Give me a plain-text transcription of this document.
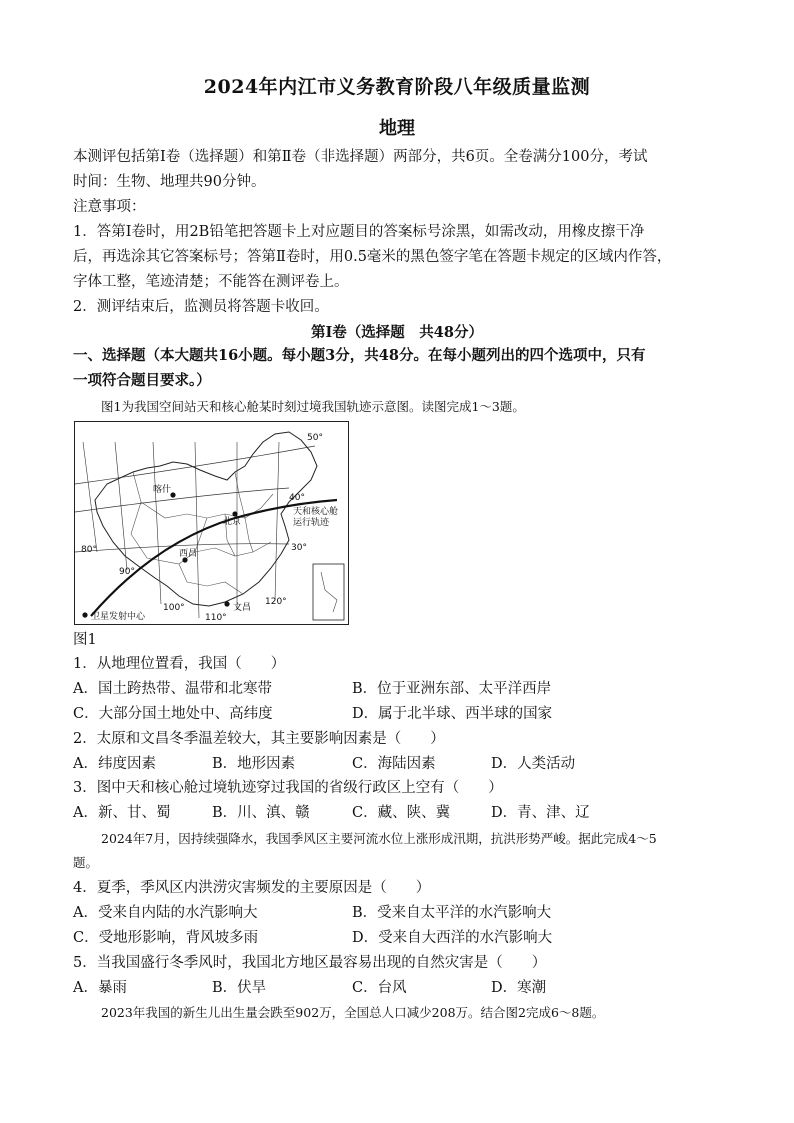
2024年内江市义务教育阶段八年级质量监测
地理
本测评包括第Ⅰ卷（选择题）和第Ⅱ卷（非选择题）两部分，共6页。全卷满分100分，考试
时间：生物、地理共90分钟。
注意事项：
1．答第Ⅰ卷时，用2B铅笔把答题卡上对应题目的答案标号涂黑，如需改动，用橡皮擦干净
后，再选涂其它答案标号；答第Ⅱ卷时，用0.5毫米的黑色签字笔在答题卡规定的区域内作答，
字体工整，笔迹清楚；不能答在测评卷上。
2．测评结束后，监测员将答题卡收回。
第Ⅰ卷（选择题　共48分）
一、选择题（本大题共16小题。每小题3分，共48分。在每小题列出的四个选项中，只有
一项符合题目要求。）
图1为我国空间站天和核心舱某时刻过境我国轨迹示意图。读图完成1～3题。
50°
40°
30°
80°
90°
100°
110°
120°
喀什
北京
西昌
文昌
天和核心舱
运行轨迹
卫星发射中心
图1
1．从地理位置看，我国（　　）
A．国土跨热带、温带和北寒带	B．位于亚洲东部、太平洋西岸
C．大部分国土地处中、高纬度	D．属于北半球、西半球的国家
2．太原和文昌冬季温差较大，其主要影响因素是（　　）
A．纬度因素	B．地形因素	C．海陆因素	D．人类活动
3．图中天和核心舱过境轨迹穿过我国的省级行政区上空有（　　）
A．新、甘、蜀	B．川、滇、赣	C．藏、陕、冀	D．青、津、辽
2024年7月，因持续强降水，我国季风区主要河流水位上涨形成汛期，抗洪形势严峻。据此完成4～5
题。
4．夏季，季风区内洪涝灾害频发的主要原因是（　　）
A．受来自内陆的水汽影响大	B．受来自太平洋的水汽影响大
C．受地形影响，背风坡多雨	D．受来自大西洋的水汽影响大
5．当我国盛行冬季风时，我国北方地区最容易出现的自然灾害是（　　）
A．暴雨	B．伏旱	C．台风	D．寒潮
2023年我国的新生儿出生量会跌至902万，全国总人口减少208万。结合图2完成6～8题。
